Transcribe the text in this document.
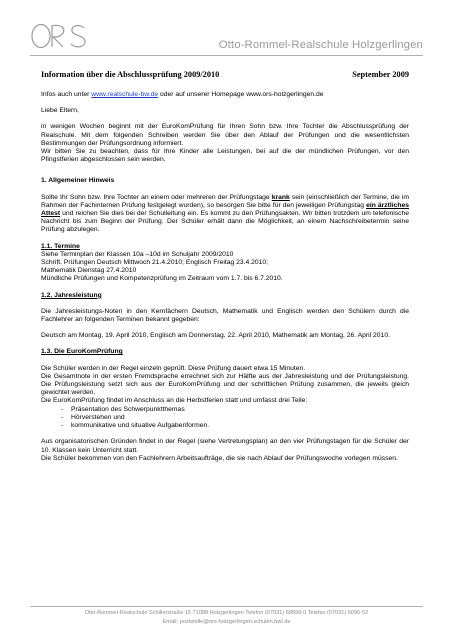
Otto-Rommel-Realschule Holzgerlingen
Information über die Abschlussprüfung 2009/2010	September 2009

Infos auch unter www.realschule-bw.de oder auf unserer Homepage www.ors-holzgerlingen.de

Liebe Eltern,

in wenigen Wochen beginnt mit der EuroKomPrüfung für Ihren Sohn bzw. Ihre Tochter die Abschlussprüfung der Realschule. Mit dem folgenden Schreiben werden Sie über den Ablauf der Prüfungen und die wesentlichsten Bestimmungen der Prüfungsordnung informiert.

Wir bitten Sie zu beachten, dass für Ihre Kinder alle Leistungen, bei auf die der mündlichen Prüfungen, vor den Pfingstferien abgeschlossen sein werden.

1. Allgemeiner Hinweis

Sollte Ihr Sohn bzw. Ihre Tochter an einem oder mehreren der Prüfungstage krank sein (einschließlich der Termine, die im Rahmen der Fachinternen Prüfung festgelegt wurden), so besorgen Sie bitte für den jeweiligen Prüfungstag ein ärztliches Attest und reichen Sie dies bei der Schulleitung ein. Es kommt zu den Prüfungsakten. Wir bitten trotzdem um telefonische Nachricht bis zum Beginn der Prüfung. Der Schüler erhält dann die Möglichkeit, an einem Nachschreibetermin seine Prüfung abzulegen.

1.1. Termine

Siehe Terminplan der Klassen 10a –10d im Schuljahr 2009/2010

Schrift. Prüfungen Deutsch Mittwoch 21.4.2010; Englisch Freitag 23.4.2010;

Mathematik Dienstag 27.4.2010

Mündliche Prüfungen und Kompetenzprüfung im Zeitraum vom 1.7. bis 6.7.2010.

1.2. Jahresleistung

Die Jahresleistungs-Noten in den Kernfächern Deutsch, Mathematik und Englisch werden den Schülern durch die Fachlehrer an folgenden Terminen bekannt gegeben:

Deutsch am Montag, 19. April 2010, Englisch am Donnerstag, 22. April 2010, Mathematik am Montag, 26. April 2010.

1.3. Die EuroKomPrüfung

Die Schüler werden in der Regel einzeln geprüft. Diese Prüfung dauert etwa 15 Minuten.

Die Gesamtnote in der ersten Fremdsprache errechnet sich zur Hälfte aus der Jahresleistung und der Prüfungsleistung. Die Prüfungsleistung setzt sich aus der EuroKomPrüfung und der schriftlichen Prüfung zusammen, die jeweils gleich gewichtet werden.

Die EuroKomPrüfung findet im Anschluss an die Herbstferien statt und umfasst drei Teile:

- Präsentation des Schwerpunktthemas
- Hörverstehen und
- kommunikative und situative Aufgabenformen.

Aus organisatorischen Gründen findet in der Regel (siehe Vertretungsplan) an den vier Prüfungstagen für die Schüler der 10. Klassen kein Unterricht statt.

Die Schüler bekommen von den Fachlehrern Arbeitsaufträge, die sie nach Ablauf der Prüfungswoche vorlegen müssen.

Otto-Rommel-Realschule Schillerstraße 15 71088 Holzgerlingen Telefon (07031) 68599-0 Telefax (07031) 6096-52
Email: poststelle@ors-holzgerlingen.schulen.bwl.de
